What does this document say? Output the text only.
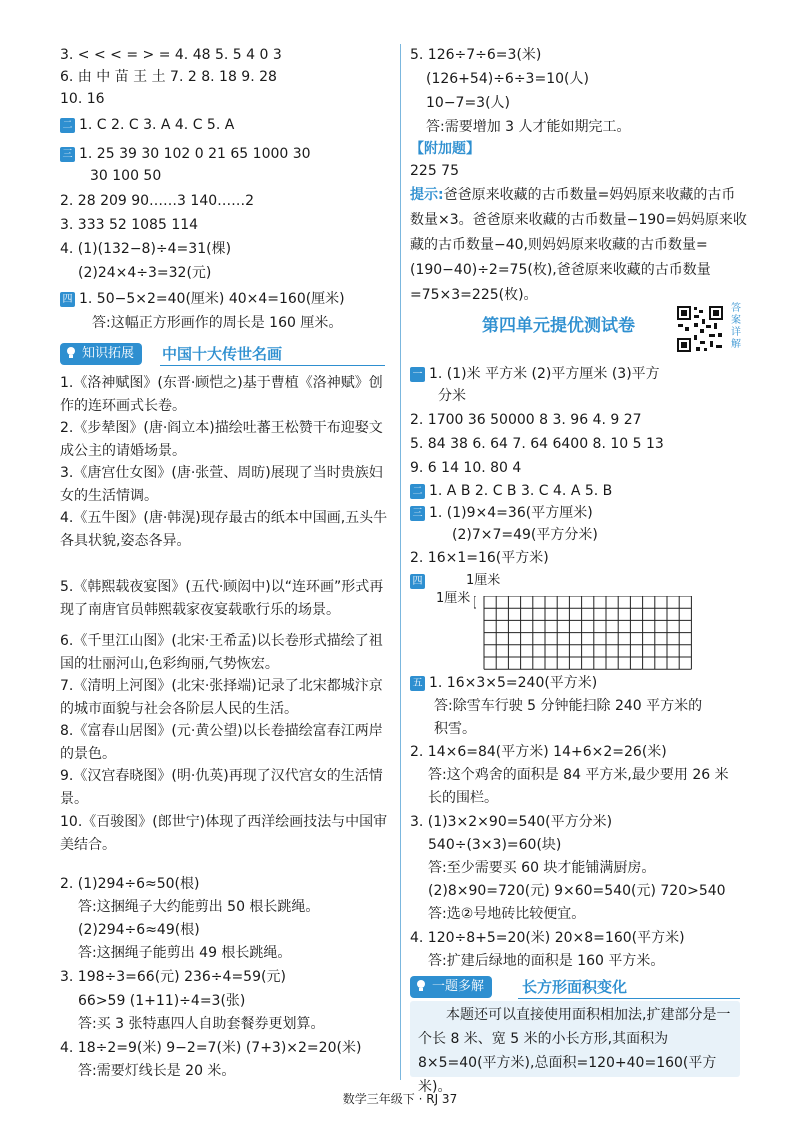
3. < < < = > = 4. 48 5. 5 4 0 3
6. 由 中 苗 王 土 7. 2 8. 18 9. 28
10. 16
二 1. C 2. C 3. A 4. C 5. A
三 1. 25 39 30 102 0 21 65 1000 30
30 100 50
2. 28 209 90……3 140……2
3. 333 52 1085 114
4. (1)(132−8)÷4=31(棵)
(2)24×4÷3=32(元)
四 1. 50−5×2=40(厘米) 40×4=160(厘米)
答:这幅正方形画作的周长是 160 厘米。
知识拓展	中国十大传世名画
1.《洛神赋图》(东晋·顾恺之)基于曹植《洛神赋》创作的连环画式长卷。
2.《步辇图》(唐·阎立本)描绘吐蕃王松赞干布迎娶文成公主的请婚场景。
3.《唐宫仕女图》(唐·张萱、周昉)展现了当时贵族妇女的生活情调。
4.《五牛图》(唐·韩滉)现存最古的纸本中国画,五头牛各具状貌,姿态各异。
5.《韩熙载夜宴图》(五代·顾闳中)以“连环画”形式再现了南唐官员韩熙载家夜宴载歌行乐的场景。
6.《千里江山图》(北宋·王希孟)以长卷形式描绘了祖国的壮丽河山,色彩绚丽,气势恢宏。
7.《清明上河图》(北宋·张择端)记录了北宋都城汴京的城市面貌与社会各阶层人民的生活。
8.《富春山居图》(元·黄公望)以长卷描绘富春江两岸的景色。
9.《汉宫春晓图》(明·仇英)再现了汉代宫女的生活情景。
10.《百骏图》(郎世宁)体现了西洋绘画技法与中国审美结合。
2. (1)294÷6≈50(根)
答:这捆绳子大约能剪出 50 根长跳绳。
(2)294÷6≈49(根)
答:这捆绳子能剪出 49 根长跳绳。
3. 198÷3=66(元) 236÷4=59(元)
66>59 (1+11)÷4=3(张)
答:买 3 张特惠四人自助套餐券更划算。
4. 18÷2=9(米) 9−2=7(米) (7+3)×2=20(米)
答:需要灯线长是 20 米。
5. 126÷7÷6=3(米)
(126+54)÷6÷3=10(人)
10−7=3(人)
答:需要增加 3 人才能如期完工。
【附加题】
225 75
提示:爸爸原来收藏的古币数量=妈妈原来收藏的古币数量×3。爸爸原来收藏的古币数量−190=妈妈原来收藏的古币数量−40,则妈妈原来收藏的古币数量=(190−40)÷2=75(枚),爸爸原来收藏的古币数量=75×3=225(枚)。
第四单元提优测试卷
答案详解
一 1. (1)米 平方米 (2)平方厘米 (3)平方
分米
2. 1700 36 50000 8 3. 96 4. 9 27
5. 84 38 6. 64 7. 64 6400 8. 10 5 13
9. 6 14 10. 80 4
二 1. A B 2. C B 3. C 4. A 5. B
三 1. (1)9×4=36(平方厘米)
(2)7×7=49(平方分米)
2. 16×1=16(平方米)
四	1厘米
1厘米
五 1. 16×3×5=240(平方米)
答:除雪车行驶 5 分钟能扫除 240 平方米的
积雪。
2. 14×6=84(平方米) 14+6×2=26(米)
答:这个鸡舍的面积是 84 平方米,最少要用 26 米
长的围栏。
3. (1)3×2×90=540(平方分米)
540÷(3×3)=60(块)
答:至少需要买 60 块才能铺满厨房。
(2)8×90=720(元) 9×60=540(元) 720>540
答:选②号地砖比较便宜。
4. 120÷8+5=20(米) 20×8=160(平方米)
答:扩建后绿地的面积是 160 平方米。
一题多解	长方形面积变化
本题还可以直接使用面积相加法,扩建部分是一个长 8 米、宽 5 米的小长方形,其面积为 8×5=40(平方米),总面积=120+40=160(平方米)。
数学三年级下 · RJ 37
